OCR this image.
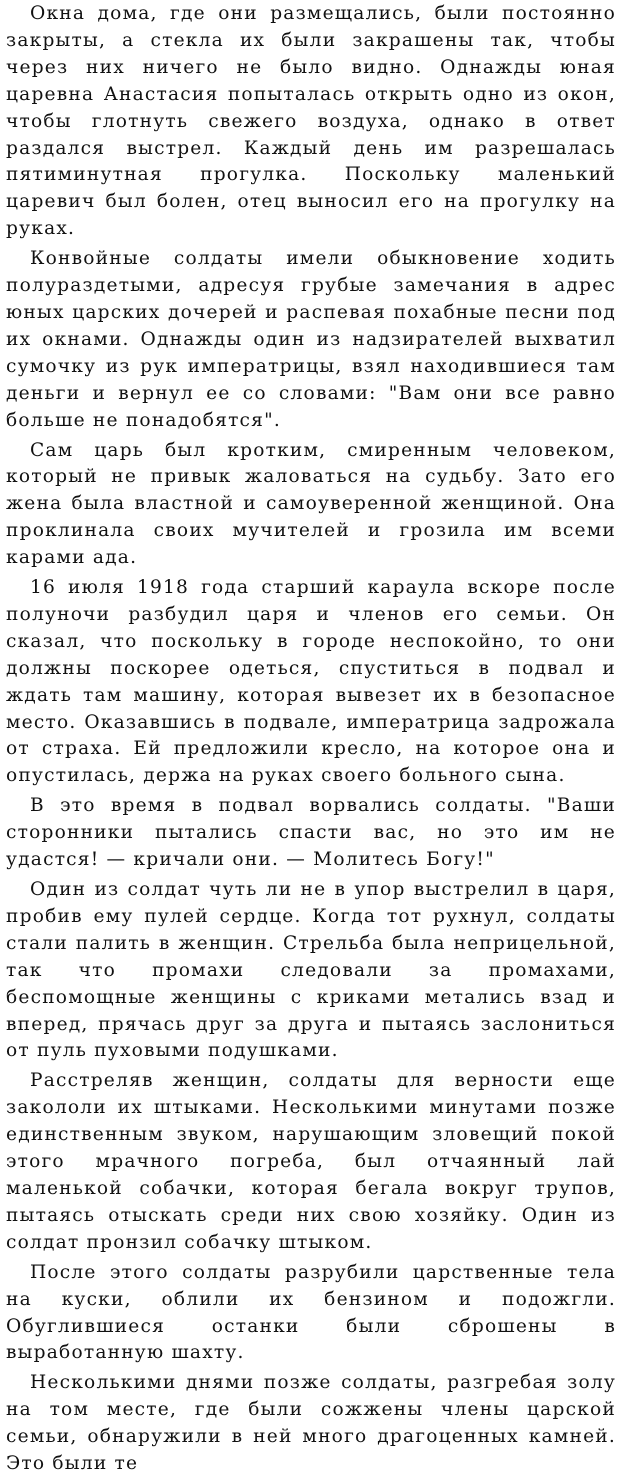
Окна дома, где они размещались, были постоянно закрыты, а стекла их были закрашены так, чтобы через них ничего не было видно. Однажды юная царевна Анастасия попыталась открыть одно из окон, чтобы глотнуть свежего воздуха, однако в ответ раздался выстрел. Каждый день им разрешалась пятиминутная прогулка. Поскольку маленький царевич был болен, отец выносил его на прогулку на руках.

Конвойные солдаты имели обыкновение ходить полураздетыми, адресуя грубые замечания в адрес юных царских дочерей и распевая похабные песни под их окнами. Однажды один из надзирателей выхватил сумочку из рук императрицы, взял находившиеся там деньги и вернул ее со словами: "Вам они все равно больше не понадобятся".

Сам царь был кротким, смиренным человеком, который не привык жаловаться на судьбу. Зато его жена была властной и самоуверенной женщиной. Она проклинала своих мучителей и грозила им всеми карами ада.

16 июля 1918 года старший караула вскоре после полуночи разбудил царя и членов его семьи. Он сказал, что поскольку в городе неспокойно, то они должны поскорее одеться, спуститься в подвал и ждать там машину, которая вывезет их в безопасное место. Оказавшись в подвале, императрица задрожала от страха. Ей предложили кресло, на которое она и опустилась, держа на руках своего больного сына.

В это время в подвал ворвались солдаты. "Ваши сторонники пытались спасти вас, но это им не удастся! — кричали они. — Молитесь Богу!"

Один из солдат чуть ли не в упор выстрелил в царя, пробив ему пулей сердце. Когда тот рухнул, солдаты стали палить в женщин. Стрельба была неприцельной, так что промахи следовали за промахами, беспомощные женщины с криками метались взад и вперед, прячась друг за друга и пытаясь заслониться от пуль пуховыми подушками.

Расстреляв женщин, солдаты для верности еще закололи их штыками. Несколькими минутами позже единственным звуком, нарушающим зловещий покой этого мрачного погреба, был отчаянный лай маленькой собачки, которая бегала вокруг трупов, пытаясь отыскать среди них свою хозяйку. Один из солдат пронзил собачку штыком.

После этого солдаты разрубили царственные тела на куски, облили их бензином и подожгли. Обуглившиеся останки были сброшены в выработанную шахту.

Несколькими днями позже солдаты, разгребая золу на том месте, где были сожжены члены царской семьи, обнаружили в ней много драгоценных камней. Это были те
